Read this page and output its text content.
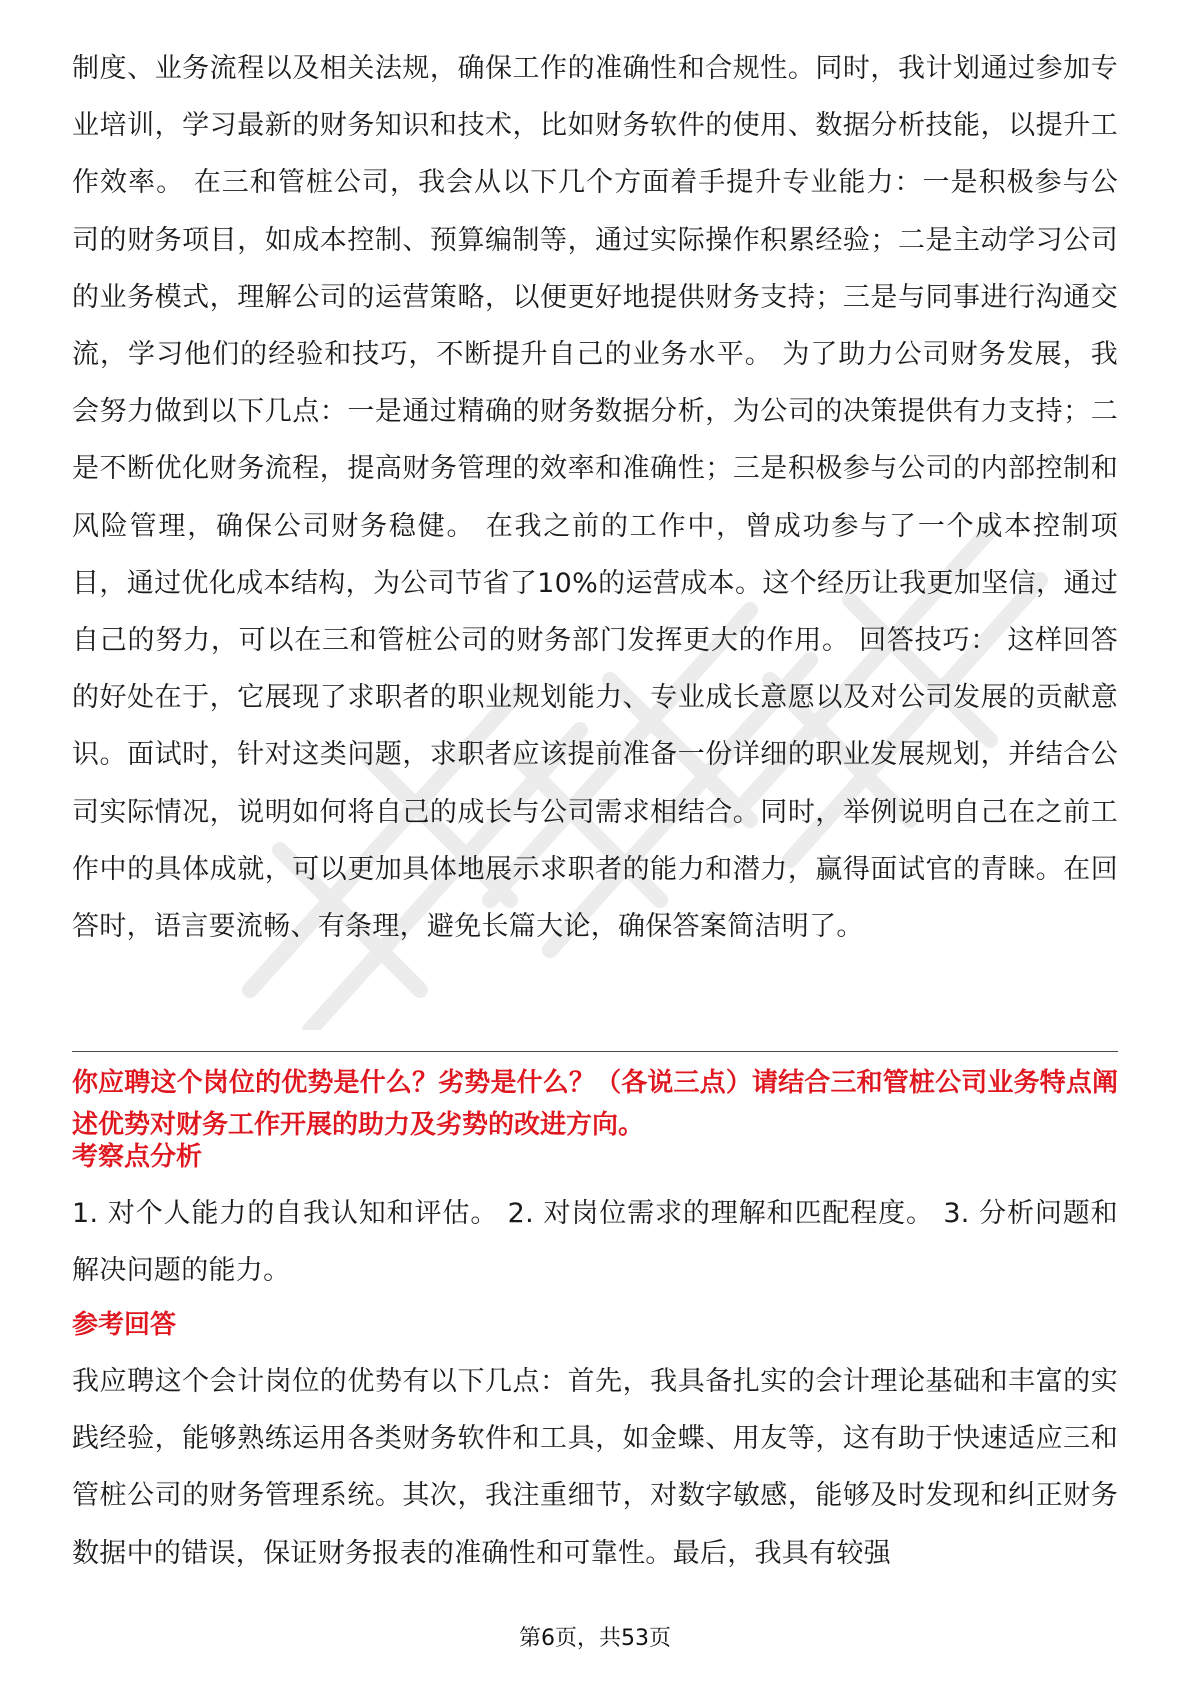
制度、业务流程以及相关法规，确保工作的准确性和合规性。同时，我计划通过参加专业培训，学习最新的财务知识和技术，比如财务软件的使用、数据分析技能，以提升工作效率。 在三和管桩公司，我会从以下几个方面着手提升专业能力：一是积极参与公司的财务项目，如成本控制、预算编制等，通过实际操作积累经验；二是主动学习公司的业务模式，理解公司的运营策略，以便更好地提供财务支持；三是与同事进行沟通交流，学习他们的经验和技巧，不断提升自己的业务水平。 为了助力公司财务发展，我会努力做到以下几点：一是通过精确的财务数据分析，为公司的决策提供有力支持；二是不断优化财务流程，提高财务管理的效率和准确性；三是积极参与公司的内部控制和风险管理，确保公司财务稳健。 在我之前的工作中，曾成功参与了一个成本控制项目，通过优化成本结构，为公司节省了10%的运营成本。这个经历让我更加坚信，通过自己的努力，可以在三和管桩公司的财务部门发挥更大的作用。 回答技巧： 这样回答的好处在于，它展现了求职者的职业规划能力、专业成长意愿以及对公司发展的贡献意识。面试时，针对这类问题，求职者应该提前准备一份详细的职业发展规划，并结合公司实际情况，说明如何将自己的成长与公司需求相结合。同时，举例说明自己在之前工作中的具体成就，可以更加具体地展示求职者的能力和潜力，赢得面试官的青睐。在回答时，语言要流畅、有条理，避免长篇大论，确保答案简洁明了。

你应聘这个岗位的优势是什么？劣势是什么？（各说三点）请结合三和管桩公司业务特点阐述优势对财务工作开展的助力及劣势的改进方向。

考察点分析

1. 对个人能力的自我认知和评估。 2. 对岗位需求的理解和匹配程度。 3. 分析问题和解决问题的能力。

参考回答

我应聘这个会计岗位的优势有以下几点：首先，我具备扎实的会计理论基础和丰富的实践经验，能够熟练运用各类财务软件和工具，如金蝶、用友等，这有助于快速适应三和管桩公司的财务管理系统。其次，我注重细节，对数字敏感，能够及时发现和纠正财务数据中的错误，保证财务报表的准确性和可靠性。最后，我具有较强

第6页，共53页
